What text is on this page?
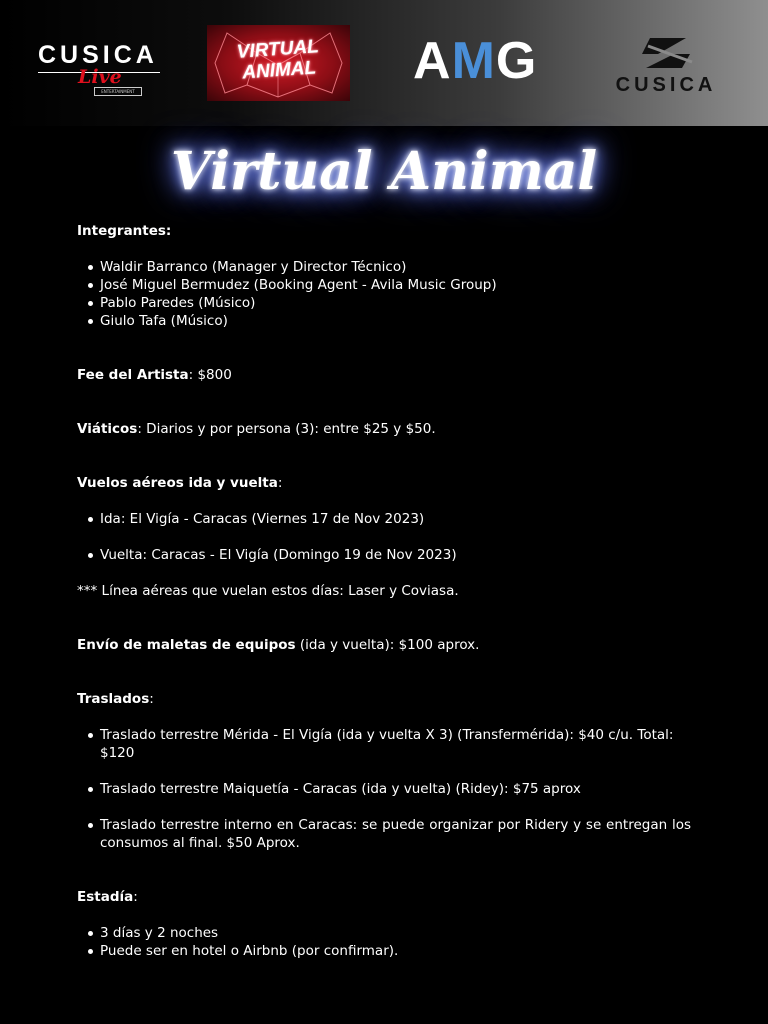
CUSICA
Live
ENTERTAINMENT
VIRTUAL
ANIMAL	AMG	CUSICA
Virtual Animal

Integrantes:

Waldir Barranco (Manager y Director Técnico)
José Miguel Bermudez (Booking Agent - Avila Music Group)
Pablo Paredes (Músico)
Giulo Tafa (Músico)

Fee del Artista: $800

Viáticos: Diarios y por persona (3): entre $25 y $50.

Vuelos aéreos ida y vuelta:

Ida: El Vigía - Caracas (Viernes 17 de Nov 2023)
Vuelta: Caracas - El Vigía (Domingo 19 de Nov 2023)

*** Línea aéreas que vuelan estos días: Laser y Coviasa.

Envío de maletas de equipos (ida y vuelta): $100 aprox.

Traslados:

Traslado terrestre Mérida - El Vigía (ida y vuelta X 3) (Transfermérida): $40 c/u. Total: $120
Traslado terrestre Maiquetía - Caracas (ida y vuelta) (Ridey): $75 aprox
Traslado terrestre interno en Caracas: se puede organizar por Ridery y se entregan los consumos al final. $50 Aprox.

Estadía:

3 días y 2 noches
Puede ser en hotel o Airbnb (por confirmar).
